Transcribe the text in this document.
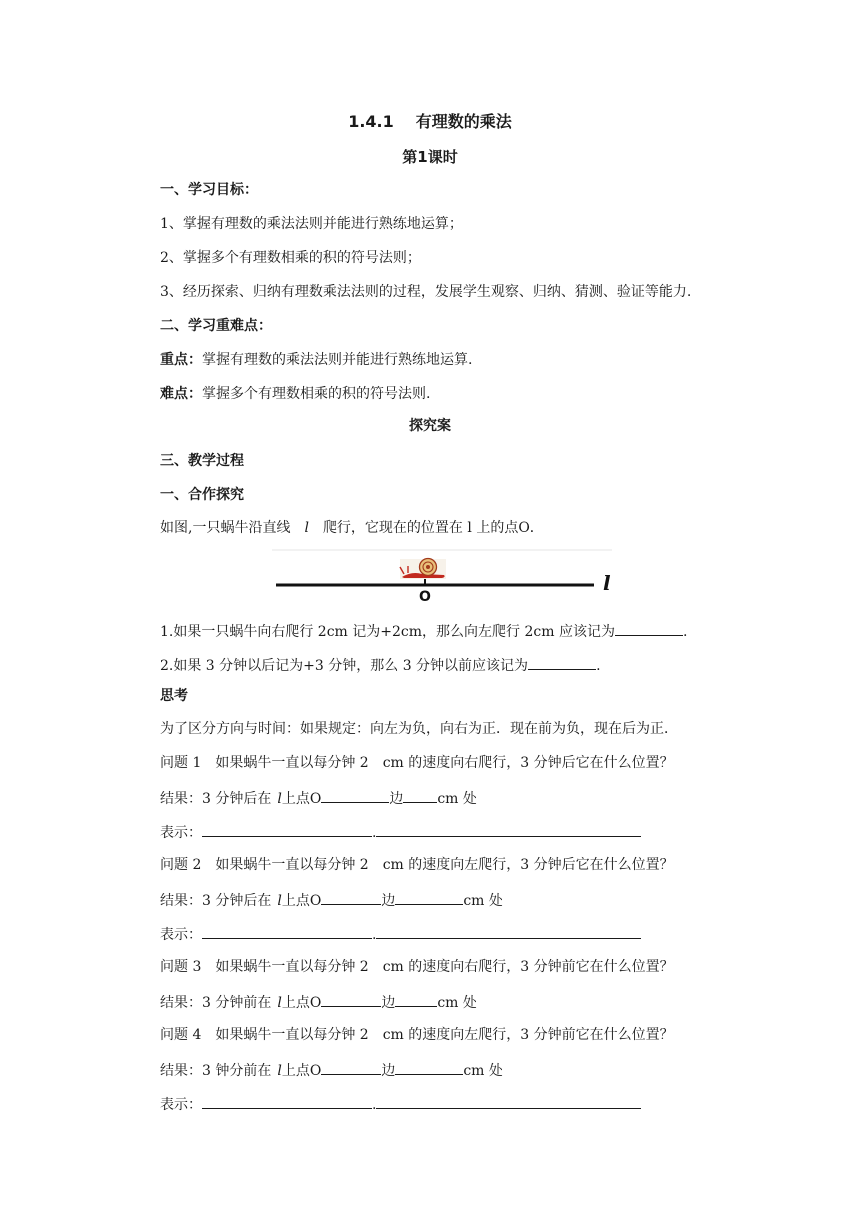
1.4.1 有理数的乘法
第1课时
一、学习目标：
1、掌握有理数的乘法法则并能进行熟练地运算；
2、掌握多个有理数相乘的积的符号法则；
3、经历探索、归纳有理数乘法法则的过程，发展学生观察、归纳、猜测、验证等能力.
二、学习重难点：
重点：掌握有理数的乘法法则并能进行熟练地运算.
难点：掌握多个有理数相乘的积的符号法则.
探究案
三、教学过程
一、合作探究
如图,一只蜗牛沿直线 l 爬行，它现在的位置在 l 上的点O．
l
O
1.如果一只蜗牛向右爬行 2cm 记为+2cm，那么向左爬行 2cm 应该记为	.
2.如果 3 分钟以后记为+3 分钟，那么 3 分钟以前应该记为	.
思考
为了区分方向与时间：如果规定：向左为负，向右为正．现在前为负，现在后为正．
问题 1 如果蜗牛一直以每分钟 2　cm 的速度向右爬行，3 分钟后它在什么位置？
结果：3 分钟后在 l上点O	边 cm 处
表示：	.
问题 2 如果蜗牛一直以每分钟 2　cm 的速度向左爬行，3 分钟后它在什么位置？
结果：3 分钟后在 l上点O	边	cm 处
表示：	.
问题 3 如果蜗牛一直以每分钟 2　cm 的速度向右爬行，3 分钟前它在什么位置？
结果：3 分钟前在 l上点O	边	cm 处
问题 4 如果蜗牛一直以每分钟 2　cm 的速度向左爬行，3 分钟前它在什么位置？
结果：3 钟分前在 l上点O	边	cm 处
表示：	.
